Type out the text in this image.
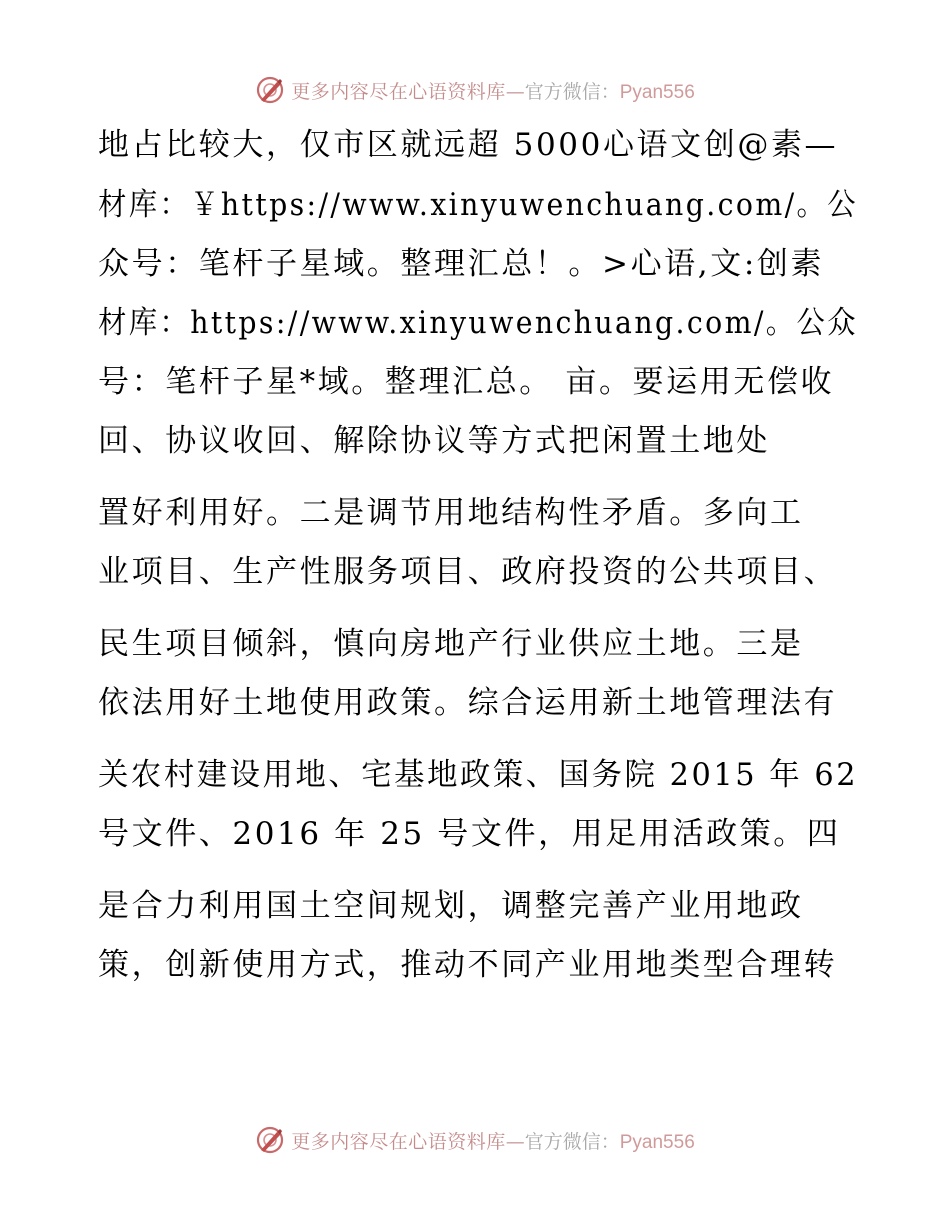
更多内容尽在心语资料库—官方微信：Pyan556
地占比较大，仅市区就远超 5000心语文创@素—
材库：￥https://www.xinyuwenchuang.com/。公
众号：笔杆子星域。整理汇总！。>心语,文:创素
材库：https://www.xinyuwenchuang.com/。公众
号：笔杆子星*域。整理汇总。 亩。要运用无偿收
回、协议收回、解除协议等方式把闲置土地处
置好利用好。二是调节用地结构性矛盾。多向工
业项目、生产性服务项目、政府投资的公共项目、
民生项目倾斜，慎向房地产行业供应土地。三是
依法用好土地使用政策。综合运用新土地管理法有
关农村建设用地、宅基地政策、国务院 2015 年 62
号文件、2016 年 25 号文件，用足用活政策。四
是合力利用国土空间规划，调整完善产业用地政
策，创新使用方式，推动不同产业用地类型合理转
更多内容尽在心语资料库—官方微信：Pyan556
